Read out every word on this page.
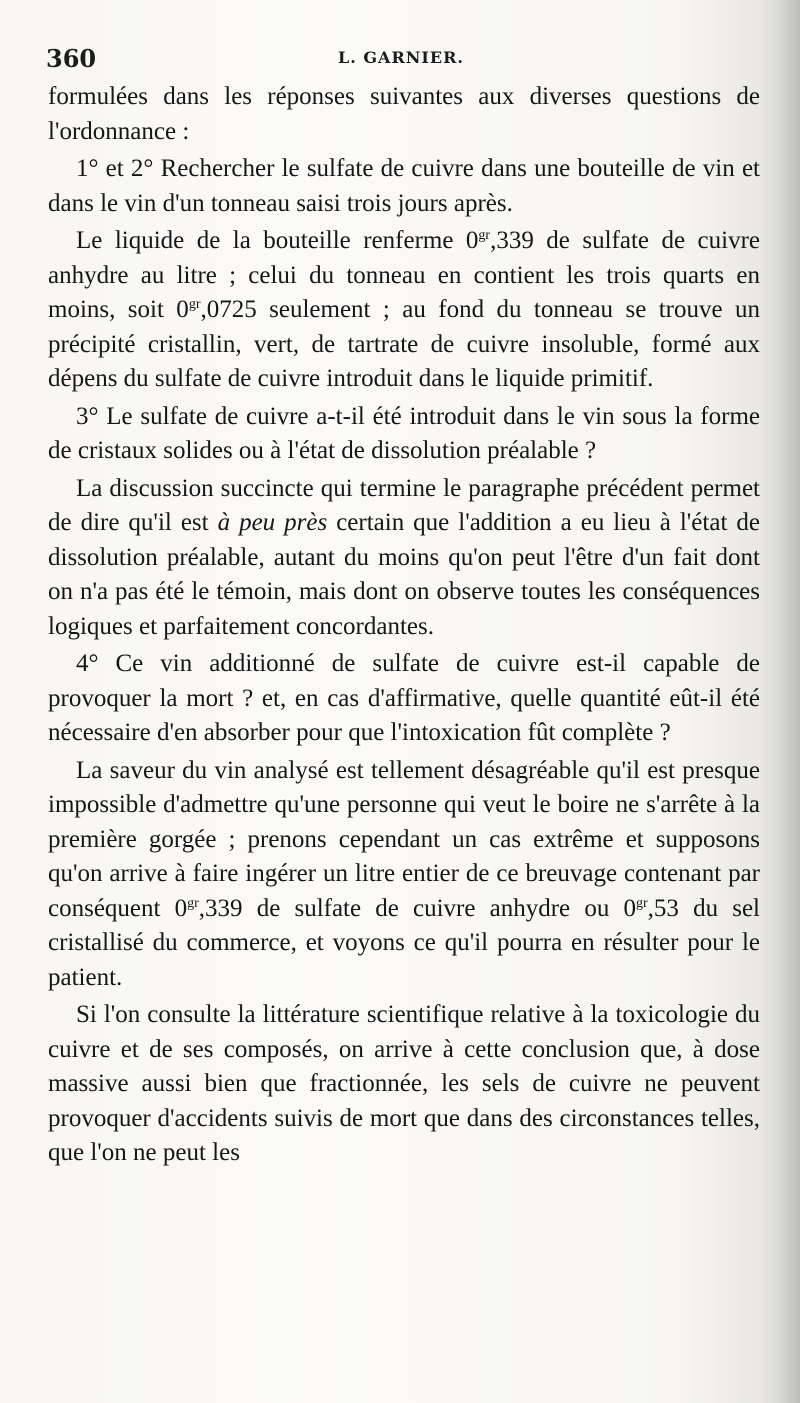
360	L. GARNIER.

formulées dans les réponses suivantes aux diverses questions de l'ordonnance :

1° et 2° Rechercher le sulfate de cuivre dans une bouteille de vin et dans le vin d'un tonneau saisi trois jours après.

Le liquide de la bouteille renferme $0^{gr},339$ de sulfate de cuivre anhydre au litre ; celui du tonneau en contient les trois quarts en moins, soit $0^{gr},0725$ seulement ; au fond du tonneau se trouve un précipité cristallin, vert, de tartrate de cuivre insoluble, formé aux dépens du sulfate de cuivre introduit dans le liquide primitif.

3° Le sulfate de cuivre a-t-il été introduit dans le vin sous la forme de cristaux solides ou à l'état de dissolution préalable ?

La discussion succincte qui termine le paragraphe précédent permet de dire qu'il est à peu près certain que l'addition a eu lieu à l'état de dissolution préalable, autant du moins qu'on peut l'être d'un fait dont on n'a pas été le témoin, mais dont on observe toutes les conséquences logiques et parfaitement concordantes.

4° Ce vin additionné de sulfate de cuivre est-il capable de provoquer la mort ? et, en cas d'affirmative, quelle quantité eût-il été nécessaire d'en absorber pour que l'intoxication fût complète ?

La saveur du vin analysé est tellement désagréable qu'il est presque impossible d'admettre qu'une personne qui veut le boire ne s'arrête à la première gorgée ; prenons cependant un cas extrême et supposons qu'on arrive à faire ingérer un litre entier de ce breuvage contenant par conséquent $0^{gr},339$ de sulfate de cuivre anhydre ou $0^{gr},53$ du sel cristallisé du commerce, et voyons ce qu'il pourra en résulter pour le patient.

Si l'on consulte la littérature scientifique relative à la toxicologie du cuivre et de ses composés, on arrive à cette conclusion que, à dose massive aussi bien que fractionnée, les sels de cuivre ne peuvent provoquer d'accidents suivis de mort que dans des circonstances telles, que l'on ne peut les
